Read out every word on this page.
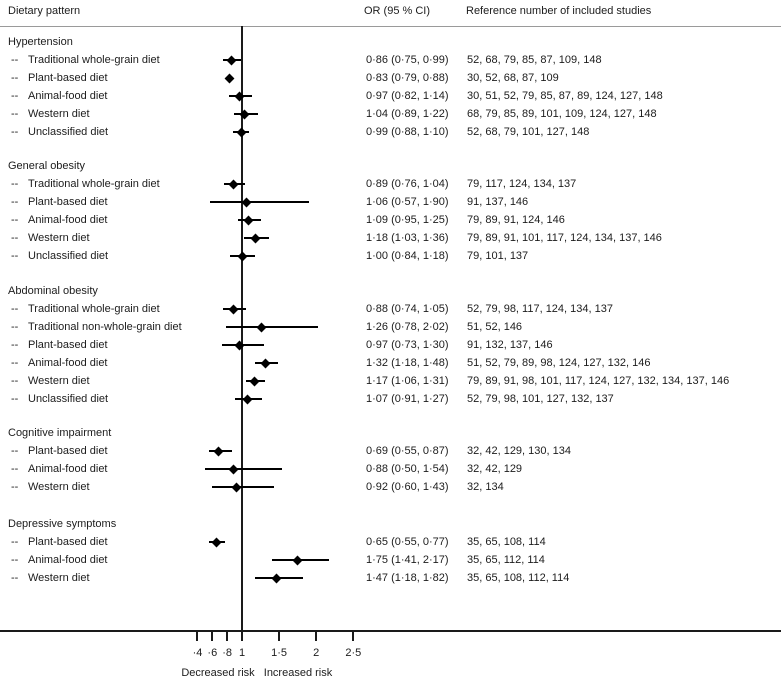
Dietary pattern	OR (95 % CI)	Reference number of included studies
Hypertension
-- Traditional whole-grain diet	0·86 (0·75, 0·99) 52, 68, 79, 85, 87, 109, 148
-- Plant-based diet	0·83 (0·79, 0·88) 30, 52, 68, 87, 109
-- Animal-food diet	0·97 (0·82, 1·14) 30, 51, 52, 79, 85, 87, 89, 124, 127, 148
-- Western diet	1·04 (0·89, 1·22) 68, 79, 85, 89, 101, 109, 124, 127, 148
-- Unclassified diet	0·99 (0·88, 1·10) 52, 68, 79, 101, 127, 148
General obesity
-- Traditional whole-grain diet	0·89 (0·76, 1·04) 79, 117, 124, 134, 137
-- Plant-based diet	1·06 (0·57, 1·90) 91, 137, 146
-- Animal-food diet	1·09 (0·95, 1·25) 79, 89, 91, 124, 146
-- Western diet	1·18 (1·03, 1·36) 79, 89, 91, 101, 117, 124, 134, 137, 146
-- Unclassified diet	1·00 (0·84, 1·18) 79, 101, 137
Abdominal obesity
-- Traditional whole-grain diet	0·88 (0·74, 1·05) 52, 79, 98, 117, 124, 134, 137
-- Traditional non-whole-grain diet	1·26 (0·78, 2·02) 51, 52, 146
-- Plant-based diet	0·97 (0·73, 1·30) 91, 132, 137, 146
-- Animal-food diet	1·32 (1·18, 1·48) 51, 52, 79, 89, 98, 124, 127, 132, 146
-- Western diet	1·17 (1·06, 1·31) 79, 89, 91, 98, 101, 117, 124, 127, 132, 134, 137, 146
-- Unclassified diet	1·07 (0·91, 1·27) 52, 79, 98, 101, 127, 132, 137
Cognitive impairment
-- Plant-based diet	0·69 (0·55, 0·87) 32, 42, 129, 130, 134
-- Animal-food diet	0·88 (0·50, 1·54) 32, 42, 129
-- Western diet	0·92 (0·60, 1·43) 32, 134
Depressive symptoms
-- Plant-based diet	0·65 (0·55, 0·77) 35, 65, 108, 114
-- Animal-food diet	1·75 (1·41, 2·17) 35, 65, 112, 114
-- Western diet	1·47 (1·18, 1·82) 35, 65, 108, 112, 114
·4 ·6 ·8 1 1·5 2 2·5
Decreased risk Increased risk
